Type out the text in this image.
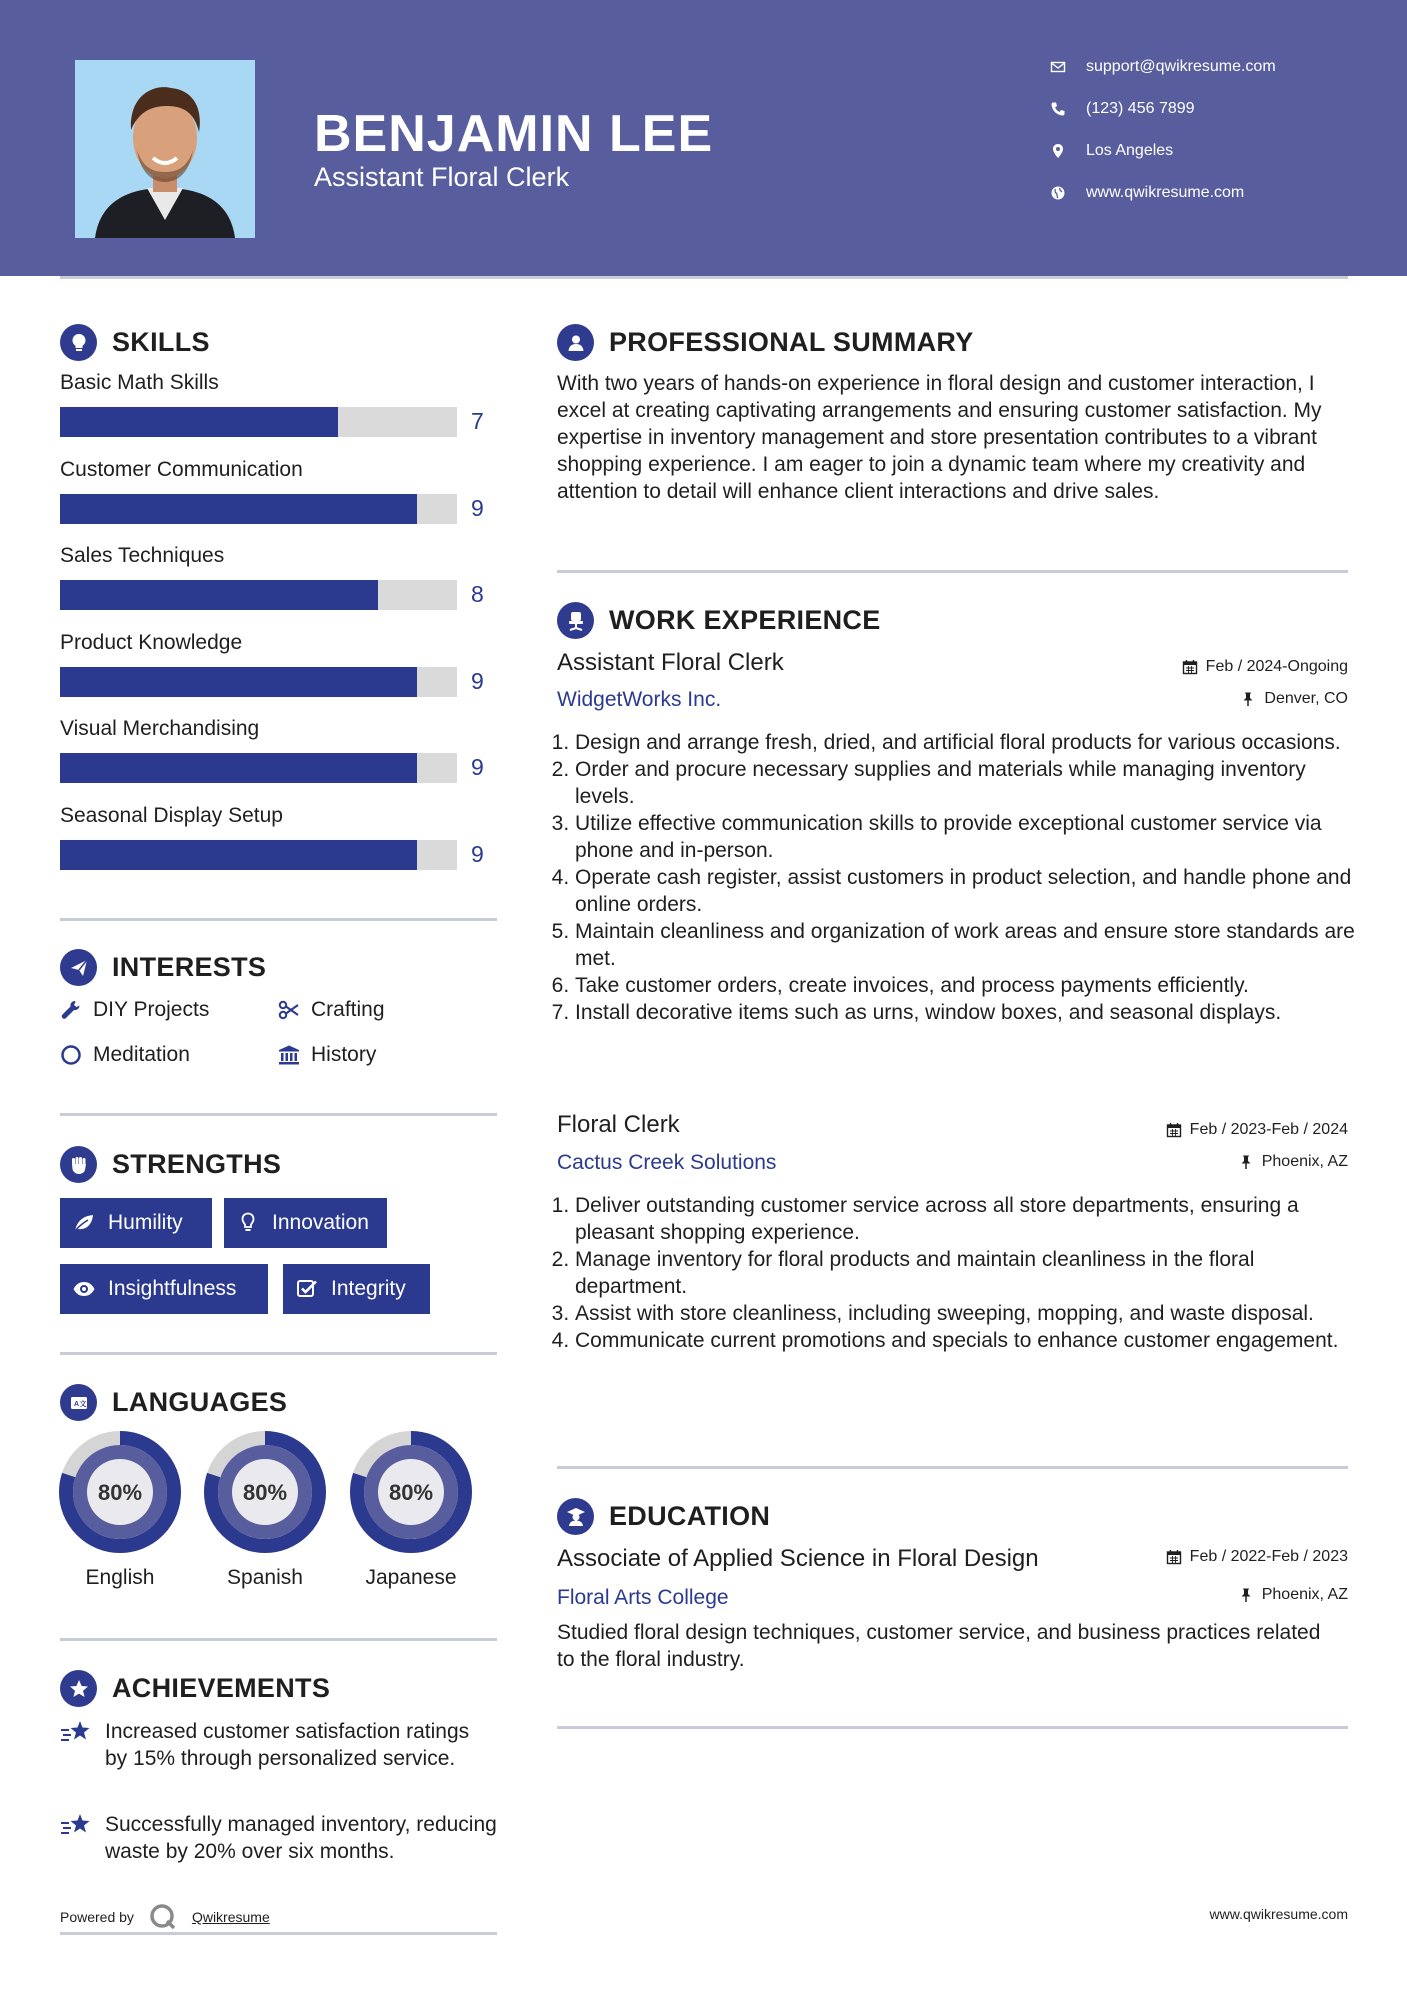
BENJAMIN LEE
Assistant Floral Clerk
support@qwikresume.com
(123) 456 7899
Los Angeles
www.qwikresume.com
SKILLS
Basic Math Skills
7
Customer Communication
9
Sales Techniques
8
Product Knowledge
9
Visual Merchandising
9
Seasonal Display Setup
9
INTERESTS
DIY Projects	Crafting
Meditation	History
STRENGTHS
Humility	Innovation
Insightfulness	Integrity
A 文 LANGUAGES
80%
English
80%
Spanish
80%
Japanese
ACHIEVEMENTS
Increased customer satisfaction ratings by 15% through personalized service.
Successfully managed inventory, reducing waste by 20% over six months.
Powered by	Qwikresume	www.qwikresume.com
PROFESSIONAL SUMMARY
With two years of hands-on experience in floral design and customer interaction, I excel at creating captivating arrangements and ensuring customer satisfaction. My expertise in inventory management and store presentation contributes to a vibrant shopping experience. I am eager to join a dynamic team where my creativity and attention to detail will enhance client interactions and drive sales.
WORK EXPERIENCE
Assistant Floral Clerk	Feb / 2024-Ongoing
WidgetWorks Inc.	Denver, CO
1. Design and arrange fresh, dried, and artificial floral products for various occasions.
2. Order and procure necessary supplies and materials while managing inventory levels.
3. Utilize effective communication skills to provide exceptional customer service via phone and in-person.
4. Operate cash register, assist customers in product selection, and handle phone and online orders.
5. Maintain cleanliness and organization of work areas and ensure store standards are met.
6. Take customer orders, create invoices, and process payments efficiently.
7. Install decorative items such as urns, window boxes, and seasonal displays.
Floral Clerk	Feb / 2023-Feb / 2024
Cactus Creek Solutions	Phoenix, AZ
1. Deliver outstanding customer service across all store departments, ensuring a pleasant shopping experience.
2. Manage inventory for floral products and maintain cleanliness in the floral department.
3. Assist with store cleanliness, including sweeping, mopping, and waste disposal.
4. Communicate current promotions and specials to enhance customer engagement.
EDUCATION
Associate of Applied Science in Floral Design	Feb / 2022-Feb / 2023
Floral Arts College	Phoenix, AZ
Studied floral design techniques, customer service, and business practices related to the floral industry.
